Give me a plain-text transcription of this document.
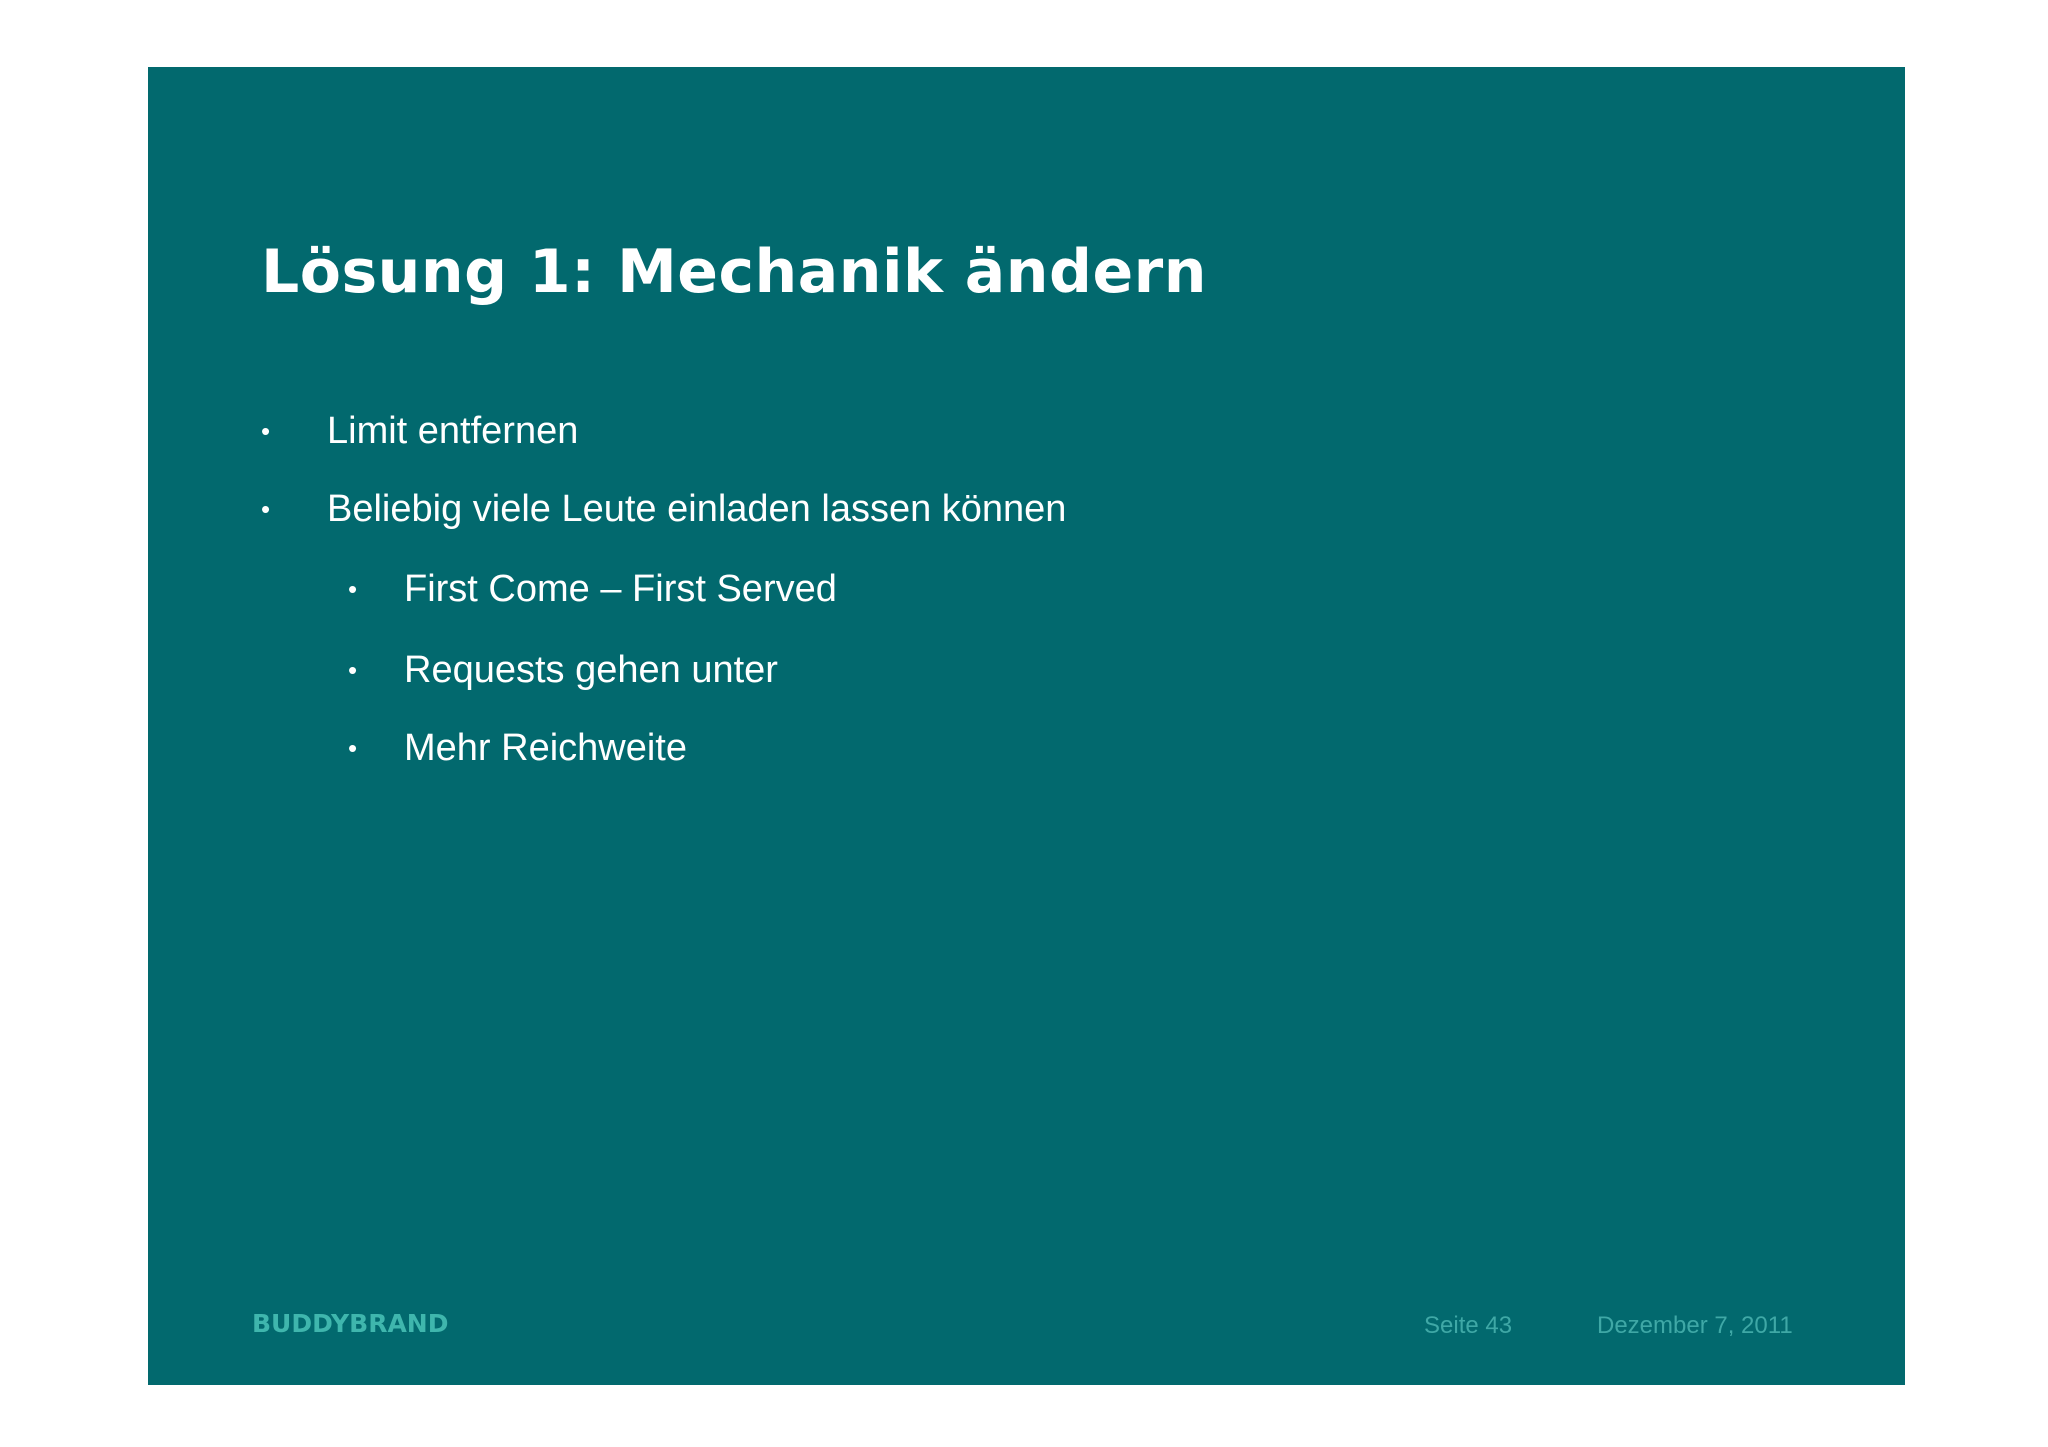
Lösung 1: Mechanik ändern
• Limit entfernen
• Beliebig viele Leute einladen lassen können
• First Come – First Served
• Requests gehen unter
• Mehr Reichweite
BUDDYBRAND	Seite 43	Dezember 7, 2011
